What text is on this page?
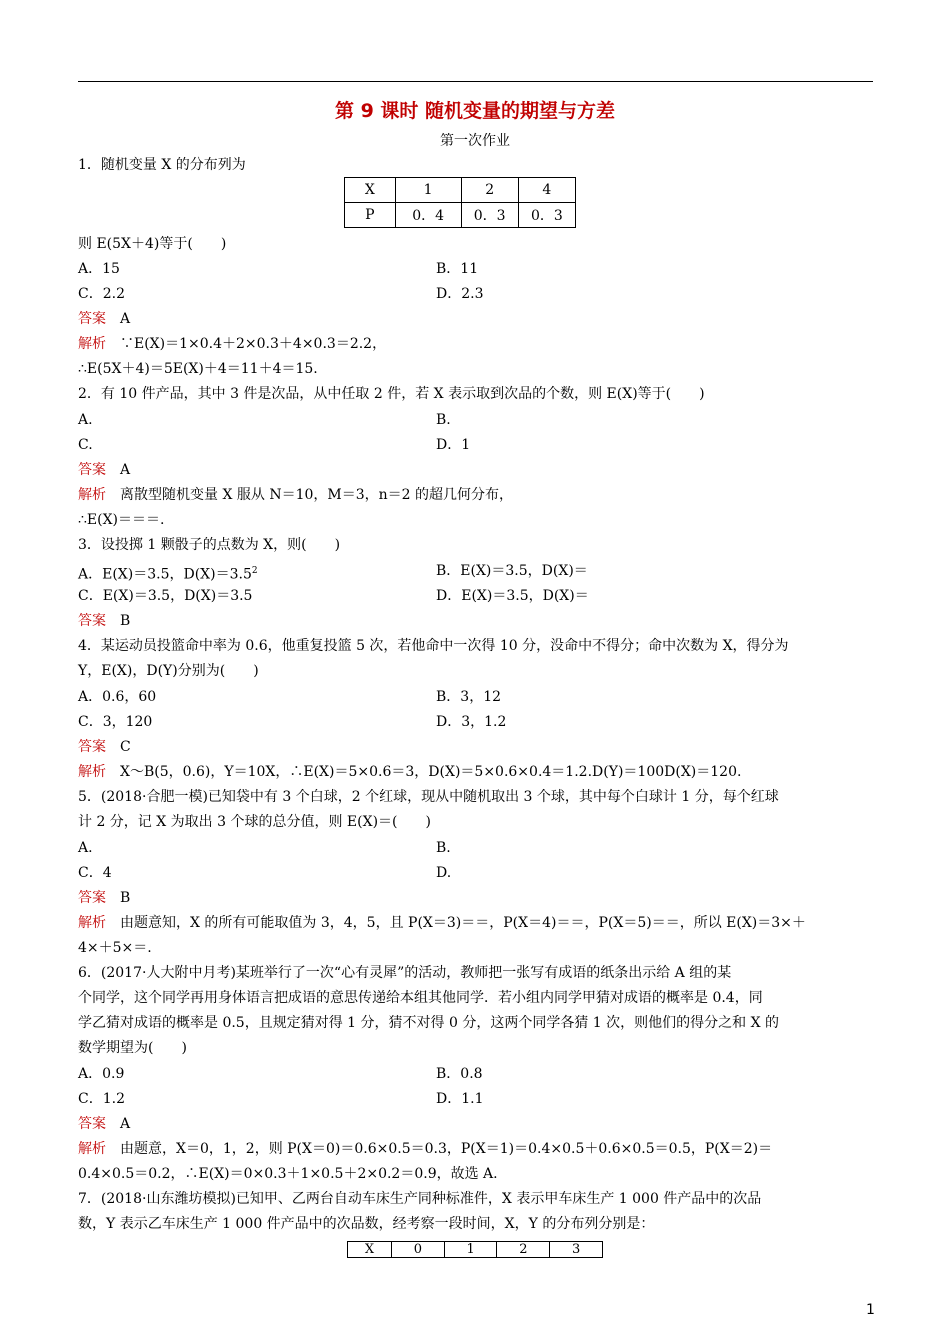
第 9 课时 随机变量的期望与方差
第一次作业
1．随机变量 X 的分布列为
X	1	2	4
P	0．4	0．3	0．3
则 E(5X＋4)等于(　　)
A．15	B．11
C．2.2	D．2.3
答案　 A
解析　 ∵E(X)＝1×0.4＋2×0.3＋4×0.3＝2.2，
∴E(5X＋4)＝5E(X)＋4＝11＋4＝15.
2．有 10 件产品，其中 3 件是次品，从中任取 2 件，若 X 表示取到次品的个数，则 E(X)等于(　　)
A.	B.
C.	D．1
答案　 A
解析　 离散型随机变量 X 服从 N＝10，M＝3，n＝2 的超几何分布，
∴E(X)＝＝＝.
3．设投掷 1 颗骰子的点数为 X，则(　　)
A．E(X)＝3.5，$D(X)=3.5^2$	B．E(X)＝3.5，D(X)＝
C．E(X)＝3.5，D(X)＝3.5	D．E(X)＝3.5，D(X)＝
答案　 B
4．某运动员投篮命中率为 0.6，他重复投篮 5 次，若他命中一次得 10 分，没命中不得分；命中次数为 X，得分为
Y，E(X)，D(Y)分别为(　　)
A．0.6，60	B．3，12
C．3，120	D．3，1.2
答案　 C
解析　 X～B(5，0.6)，Y＝10X，∴E(X)＝5×0.6＝3，D(X)＝5×0.6×0.4＝1.2.D(Y)＝100D(X)＝120.
5．(2018·合肥一模)已知袋中有 3 个白球，2 个红球，现从中随机取出 3 个球，其中每个白球计 1 分，每个红球
计 2 分，记 X 为取出 3 个球的总分值，则 E(X)＝(　　)
A.	B.
C．4	D.
答案　 B
解析　 由题意知，X 的所有可能取值为 3，4，5，且 P(X＝3)＝＝，P(X＝4)＝＝，P(X＝5)＝＝，所以 E(X)＝3×＋
4×＋5×＝.
6．(2017·人大附中月考)某班举行了一次“心有灵犀”的活动，教师把一张写有成语的纸条出示给 A 组的某
个同学，这个同学再用身体语言把成语的意思传递给本组其他同学．若小组内同学甲猜对成语的概率是 0.4，同
学乙猜对成语的概率是 0.5，且规定猜对得 1 分，猜不对得 0 分，这两个同学各猜 1 次，则他们的得分之和 X 的
数学期望为(　　)
A．0.9	B．0.8
C．1.2	D．1.1
答案　 A
解析　 由题意，X＝0，1，2，则 P(X＝0)＝0.6×0.5＝0.3，P(X＝1)＝0.4×0.5＋0.6×0.5＝0.5，P(X＝2)＝
0.4×0.5＝0.2，∴E(X)＝0×0.3＋1×0.5＋2×0.2＝0.9，故选 A.
7．(2018·山东潍坊模拟)已知甲、乙两台自动车床生产同种标准件，X 表示甲车床生产 1 000 件产品中的次品
数，Y 表示乙车床生产 1 000 件产品中的次品数，经考察一段时间，X，Y 的分布列分别是：
X	0	1	2	3
1
